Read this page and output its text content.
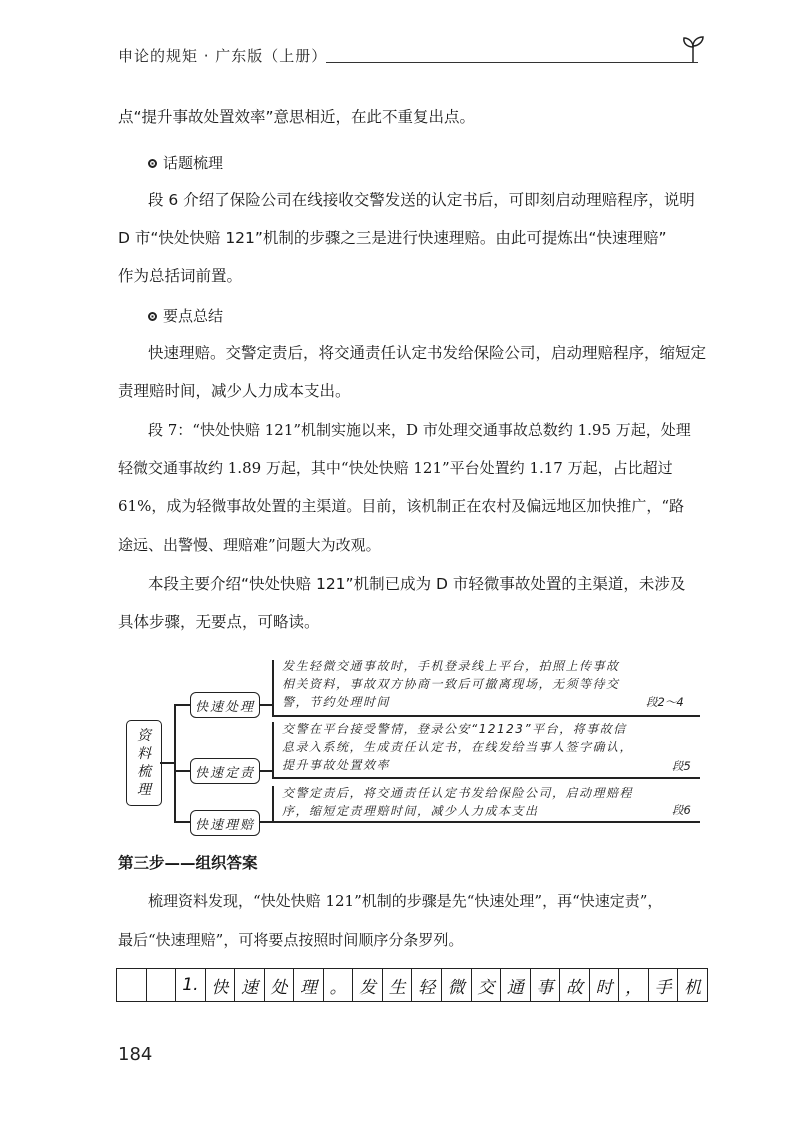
申论的规矩 · 广东版（上册）
点“提升事故处置效率”意思相近，在此不重复出点。
话题梳理
段 6 介绍了保险公司在线接收交警发送的认定书后，可即刻启动理赔程序，说明
D 市“快处快赔 121”机制的步骤之三是进行快速理赔。由此可提炼出“快速理赔”
作为总括词前置。
要点总结
快速理赔。交警定责后，将交通责任认定书发给保险公司，启动理赔程序，缩短定
责理赔时间，减少人力成本支出。
段 7：“快处快赔 121”机制实施以来，D 市处理交通事故总数约 1.95 万起，处理
轻微交通事故约 1.89 万起，其中“快处快赔 121”平台处置约 1.17 万起，占比超过
61%，成为轻微事故处置的主渠道。目前，该机制正在农村及偏远地区加快推广，“路
途远、出警慢、理赔难”问题大为改观。
本段主要介绍“快处快赔 121”机制已成为 D 市轻微事故处置的主渠道，未涉及
具体步骤，无要点，可略读。
资
料
梳
理
快速处理
发生轻微交通事故时，手机登录线上平台，拍照上传事故
相关资料，事故双方协商一致后可撤离现场，无须等待交
警，节约处理时间	段2～4
快速定责
交警在平台接受警情，登录公安“12123”平台，将事故信
息录入系统，生成责任认定书，在线发给当事人签字确认，
提升事故处置效率	段5
快速理赔
交警定责后，将交通责任认定书发给保险公司，启动理赔程
序，缩短定责理赔时间，减少人力成本支出	段6
第三步——组织答案
梳理资料发现，“快处快赔 121”机制的步骤是先“快速处理”，再“快速定责”，
最后“快速理赔”，可将要点按照时间顺序分条罗列。
1. 快 速 处 理 。 发 生 轻 微 交 通 事 故 时 ， 手 机
184
